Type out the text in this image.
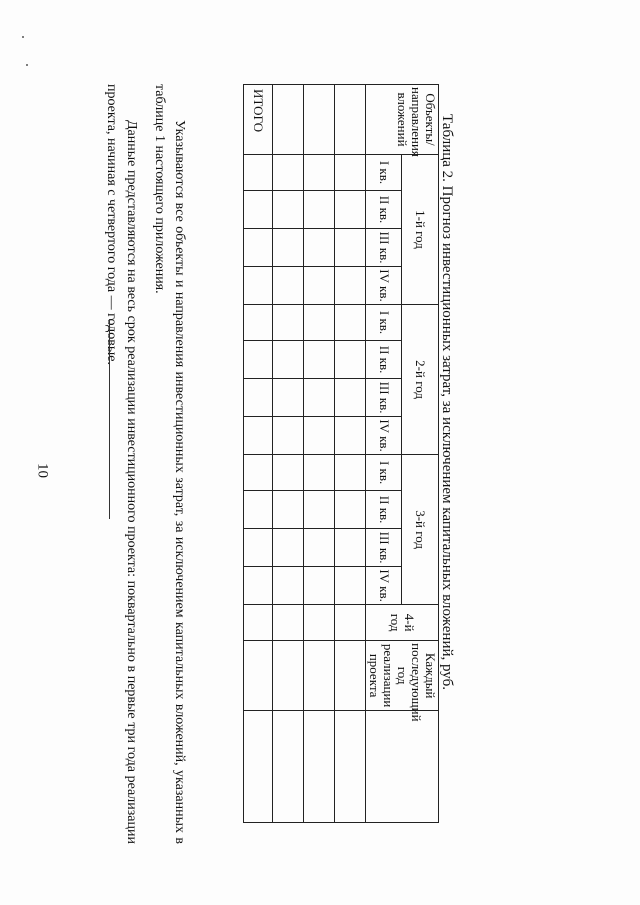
10	Таблица 2. Прогноз инвестиционных затрат, за исключением капитальных вложений, руб.
Объекты/ направления вложений	1-й год				2-й год				3-й год				4-й год	Каждый последующий год реализации проекта	
	I кв.	II кв.	III кв.	IV кв.	I кв.	II кв.	III кв.	IV кв.	I кв.	II кв.	III кв.	IV кв.			

ИТОГО															
Указываются все объекты и направления инвестиционных затрат, за исключением капитальных вложений, указанных в таблице 1 настоящего приложения.
Данные представляются на весь срок реализации инвестиционного проекта: поквартально в первые три года реализации проекта, начиная с четвертого года — годовые.
